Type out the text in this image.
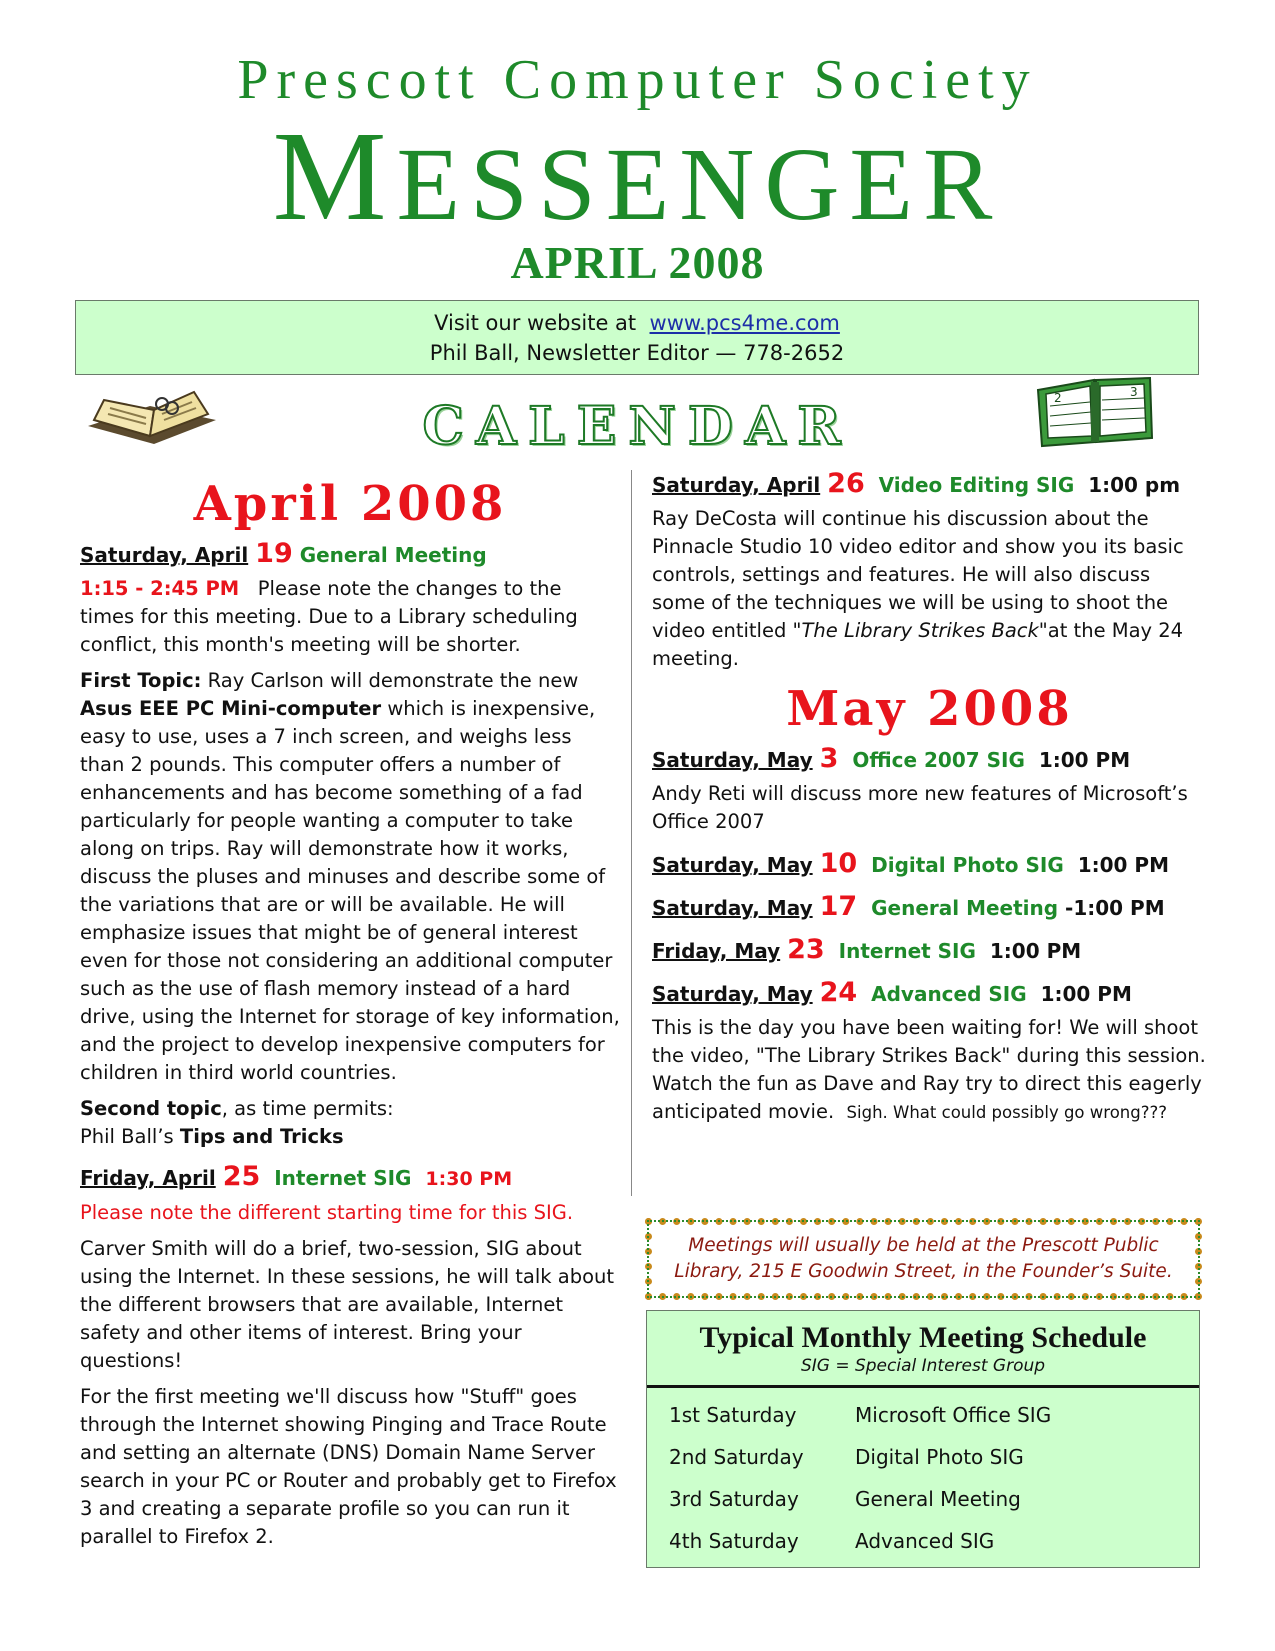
Prescott Computer Society
MESSENGER
APRIL 2008
Visit our website at www.pcs4me.com
Phil Ball, Newsletter Editor — 778-2652
CALENDAR	2	3
April 2008
Saturday, April 19 General Meeting

1:15 - 2:45 PM Please note the changes to the times for this meeting. Due to a Library scheduling conflict, this month's meeting will be shorter.

First Topic: Ray Carlson will demonstrate the new Asus EEE PC Mini-computer which is inexpensive, easy to use, uses a 7 inch screen, and weighs less than 2 pounds. This computer offers a number of enhancements and has become something of a fad particularly for people wanting a computer to take along on trips. Ray will demonstrate how it works, discuss the pluses and minuses and describe some of the variations that are or will be available. He will emphasize issues that might be of general interest even for those not considering an additional computer such as the use of flash memory instead of a hard drive, using the Internet for storage of key information, and the project to develop inexpensive computers for children in third world countries.

Second topic, as time permits:
Phil Ball’s Tips and Tricks

Friday, April 25 Internet SIG 1:30 PM

Please note the different starting time for this SIG.

Carver Smith will do a brief, two-session, SIG about using the Internet. In these sessions, he will talk about the different browsers that are available, Internet safety and other items of interest. Bring your questions!

For the first meeting we'll discuss how "Stuff" goes through the Internet showing Pinging and Trace Route and setting an alternate (DNS) Domain Name Server search in your PC or Router and probably get to Firefox 3 and creating a separate profile so you can run it parallel to Firefox 2.

Saturday, April 26 Video Editing SIG 1:00 pm

Ray DeCosta will continue his discussion about the Pinnacle Studio 10 video editor and show you its basic controls, settings and features. He will also discuss some of the techniques we will be using to shoot the video entitled "The Library Strikes Back"at the May 24 meeting.

May 2008
Saturday, May 3 Office 2007 SIG 1:00 PM

Andy Reti will discuss more new features of Microsoft’s Office 2007

Saturday, May 10 Digital Photo SIG 1:00 PM
Saturday, May 17 General Meeting -1:00 PM
Friday, May 23 Internet SIG 1:00 PM
Saturday, May 24 Advanced SIG 1:00 PM

This is the day you have been waiting for! We will shoot the video, "The Library Strikes Back" during this session. Watch the fun as Dave and Ray try to direct this eagerly anticipated movie. Sigh. What could possibly go wrong???

Meetings will usually be held at the Prescott Public Library, 215 E Goodwin Street, in the Founder’s Suite.
Typical Monthly Meeting Schedule
SIG = Special Interest Group
1st Saturday	Microsoft Office SIG
2nd Saturday	Digital Photo SIG
3rd Saturday	General Meeting
4th Saturday	Advanced SIG
